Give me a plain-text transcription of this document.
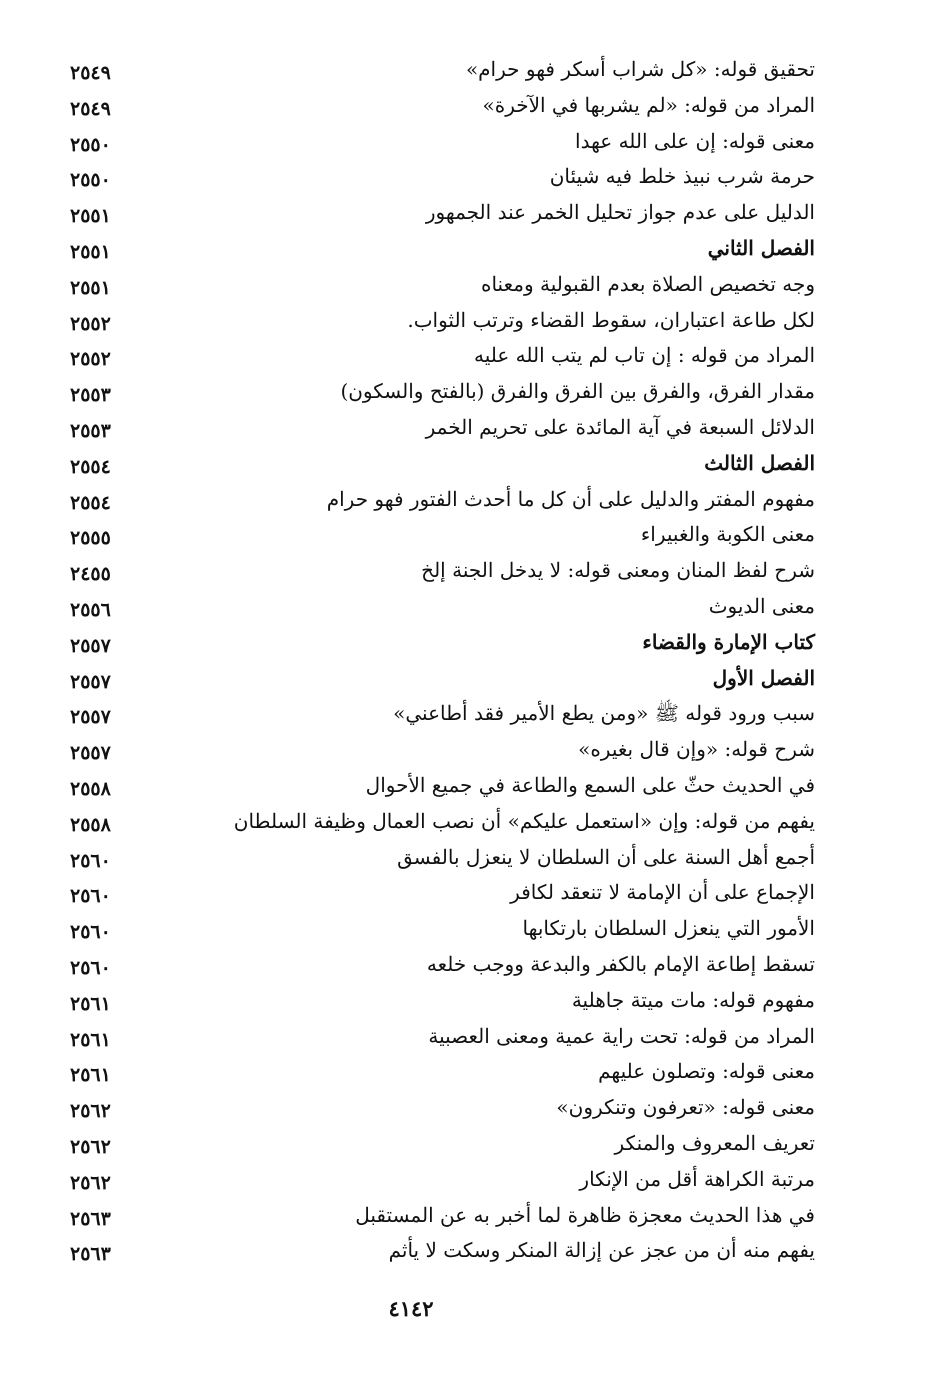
تحقيق قوله: «كل شراب أسكر فهو حرام»
٢٥٤٩
المراد من قوله: «لم يشربها في الآخرة»
٢٥٤٩
معنى قوله: إن على الله عهدا
٢٥٥٠
حرمة شرب نبيذ خلط فيه شيئان
٢٥٥٠
الدليل على عدم جواز تحليل الخمر عند الجمهور
٢٥٥١
الفصل الثاني
٢٥٥١
وجه تخصيص الصلاة بعدم القبولية ومعناه
٢٥٥١
لكل طاعة اعتباران، سقوط القضاء وترتب الثواب.
٢٥٥٢
المراد من قوله : إن تاب لم يتب الله عليه
٢٥٥٢
مقدار الفرق، والفرق بين الفرق والفرق (بالفتح والسكون)
٢٥٥٣
الدلائل السبعة في آية المائدة على تحريم الخمر
٢٥٥٣
الفصل الثالث
٢٥٥٤
مفهوم المفتر والدليل على أن كل ما أحدث الفتور فهو حرام
٢٥٥٤
معنى الكوبة والغبيراء
٢٥٥٥
شرح لفظ المنان ومعنى قوله: لا يدخل الجنة إلخ
٢٤٥٥
معنى الديوث
٢٥٥٦
كتاب الإمارة والقضاء
٢٥٥٧
الفصل الأول
٢٥٥٧
سبب ورود قوله ﷺ «ومن يطع الأمير فقد أطاعني»
٢٥٥٧
شرح قوله: «وإن قال بغيره»
٢٥٥٧
في الحديث حثّ على السمع والطاعة في جميع الأحوال
٢٥٥٨
يفهم من قوله: وإن «استعمل عليكم» أن نصب العمال وظيفة السلطان
٢٥٥٨
أجمع أهل السنة على أن السلطان لا ينعزل بالفسق
٢٥٦٠
الإجماع على أن الإمامة لا تنعقد لكافر
٢٥٦٠
الأمور التي ينعزل السلطان بارتكابها
٢٥٦٠
تسقط إطاعة الإمام بالكفر والبدعة ووجب خلعه
٢٥٦٠
مفهوم قوله: مات ميتة جاهلية
٢٥٦١
المراد من قوله: تحت راية عمية ومعنى العصبية
٢٥٦١
معنى قوله: وتصلون عليهم
٢٥٦١
معنى قوله: «تعرفون وتنكرون»
٢٥٦٢
تعريف المعروف والمنكر
٢٥٦٢
مرتبة الكراهة أقل من الإنكار
٢٥٦٢
في هذا الحديث معجزة ظاهرة لما أخبر به عن المستقبل
٢٥٦٣
يفهم منه أن من عجز عن إزالة المنكر وسكت لا يأثم
٢٥٦٣
٤١٤٢
